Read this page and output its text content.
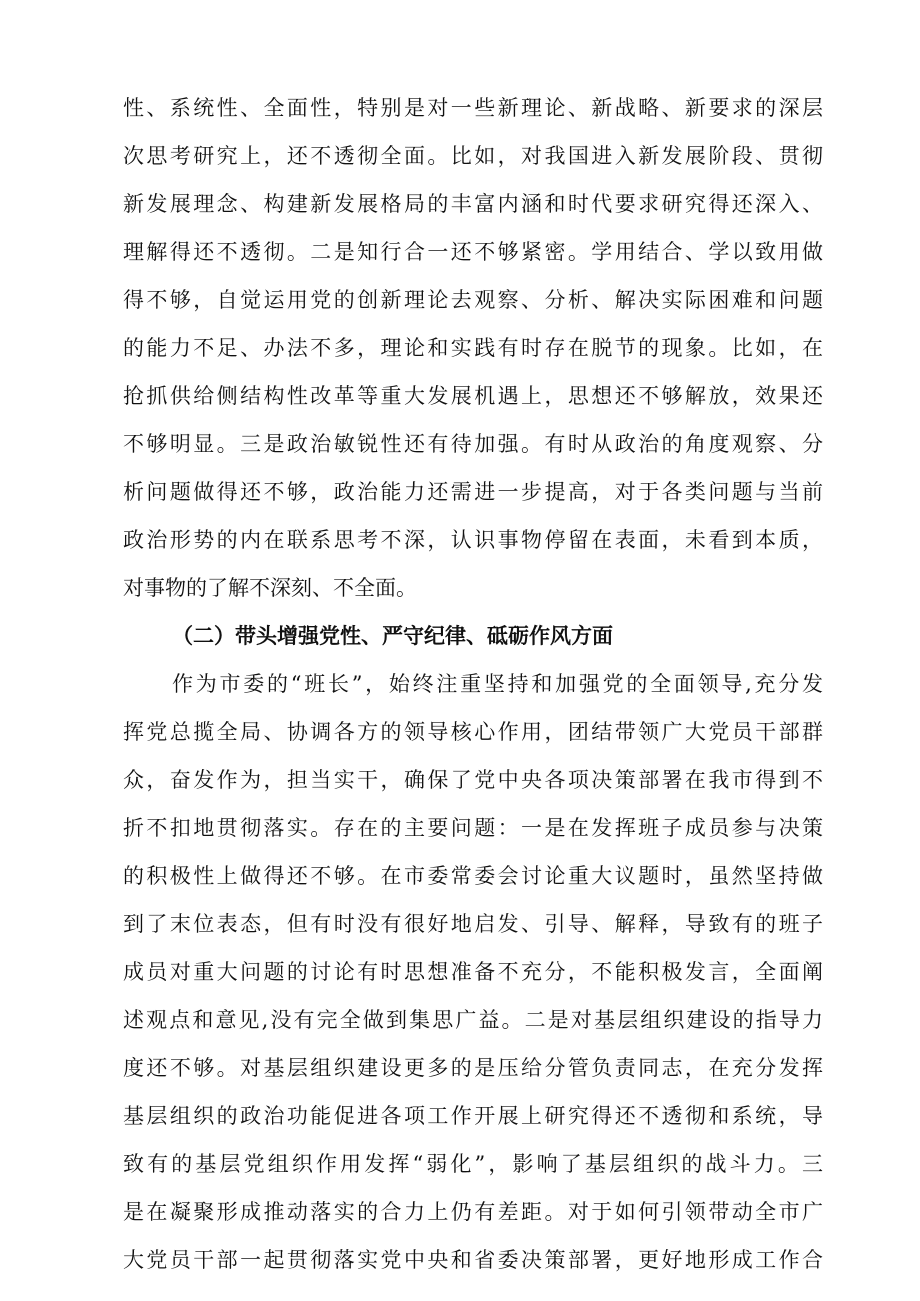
性、系统性、全面性，特别是对一些新理论、新战略、新要求的深层
次思考研究上，还不透彻全面。比如，对我国进入新发展阶段、贯彻
新发展理念、构建新发展格局的丰富内涵和时代要求研究得还深入、
理解得还不透彻。二是知行合一还不够紧密。学用结合、学以致用做
得不够，自觉运用党的创新理论去观察、分析、解决实际困难和问题
的能力不足、办法不多，理论和实践有时存在脱节的现象。比如，在
抢抓供给侧结构性改革等重大发展机遇上，思想还不够解放，效果还
不够明显。三是政治敏锐性还有待加强。有时从政治的角度观察、分
析问题做得还不够，政治能力还需进一步提高，对于各类问题与当前
政治形势的内在联系思考不深，认识事物停留在表面，未看到本质，
对事物的了解不深刻、不全面。
（二）带头增强党性、严守纪律、砥砺作风方面
作为市委的“班长”，始终注重坚持和加强党的全面领导,充分发
挥党总揽全局、协调各方的领导核心作用，团结带领广大党员干部群
众，奋发作为，担当实干，确保了党中央各项决策部署在我市得到不
折不扣地贯彻落实。存在的主要问题：一是在发挥班子成员参与决策
的积极性上做得还不够。在市委常委会讨论重大议题时，虽然坚持做
到了末位表态，但有时没有很好地启发、引导、解释，导致有的班子
成员对重大问题的讨论有时思想准备不充分，不能积极发言，全面阐
述观点和意见,没有完全做到集思广益。二是对基层组织建设的指导力
度还不够。对基层组织建设更多的是压给分管负责同志，在充分发挥
基层组织的政治功能促进各项工作开展上研究得还不透彻和系统，导
致有的基层党组织作用发挥“弱化”，影响了基层组织的战斗力。三
是在凝聚形成推动落实的合力上仍有差距。对于如何引领带动全市广
大党员干部一起贯彻落实党中央和省委决策部署，更好地形成工作合
